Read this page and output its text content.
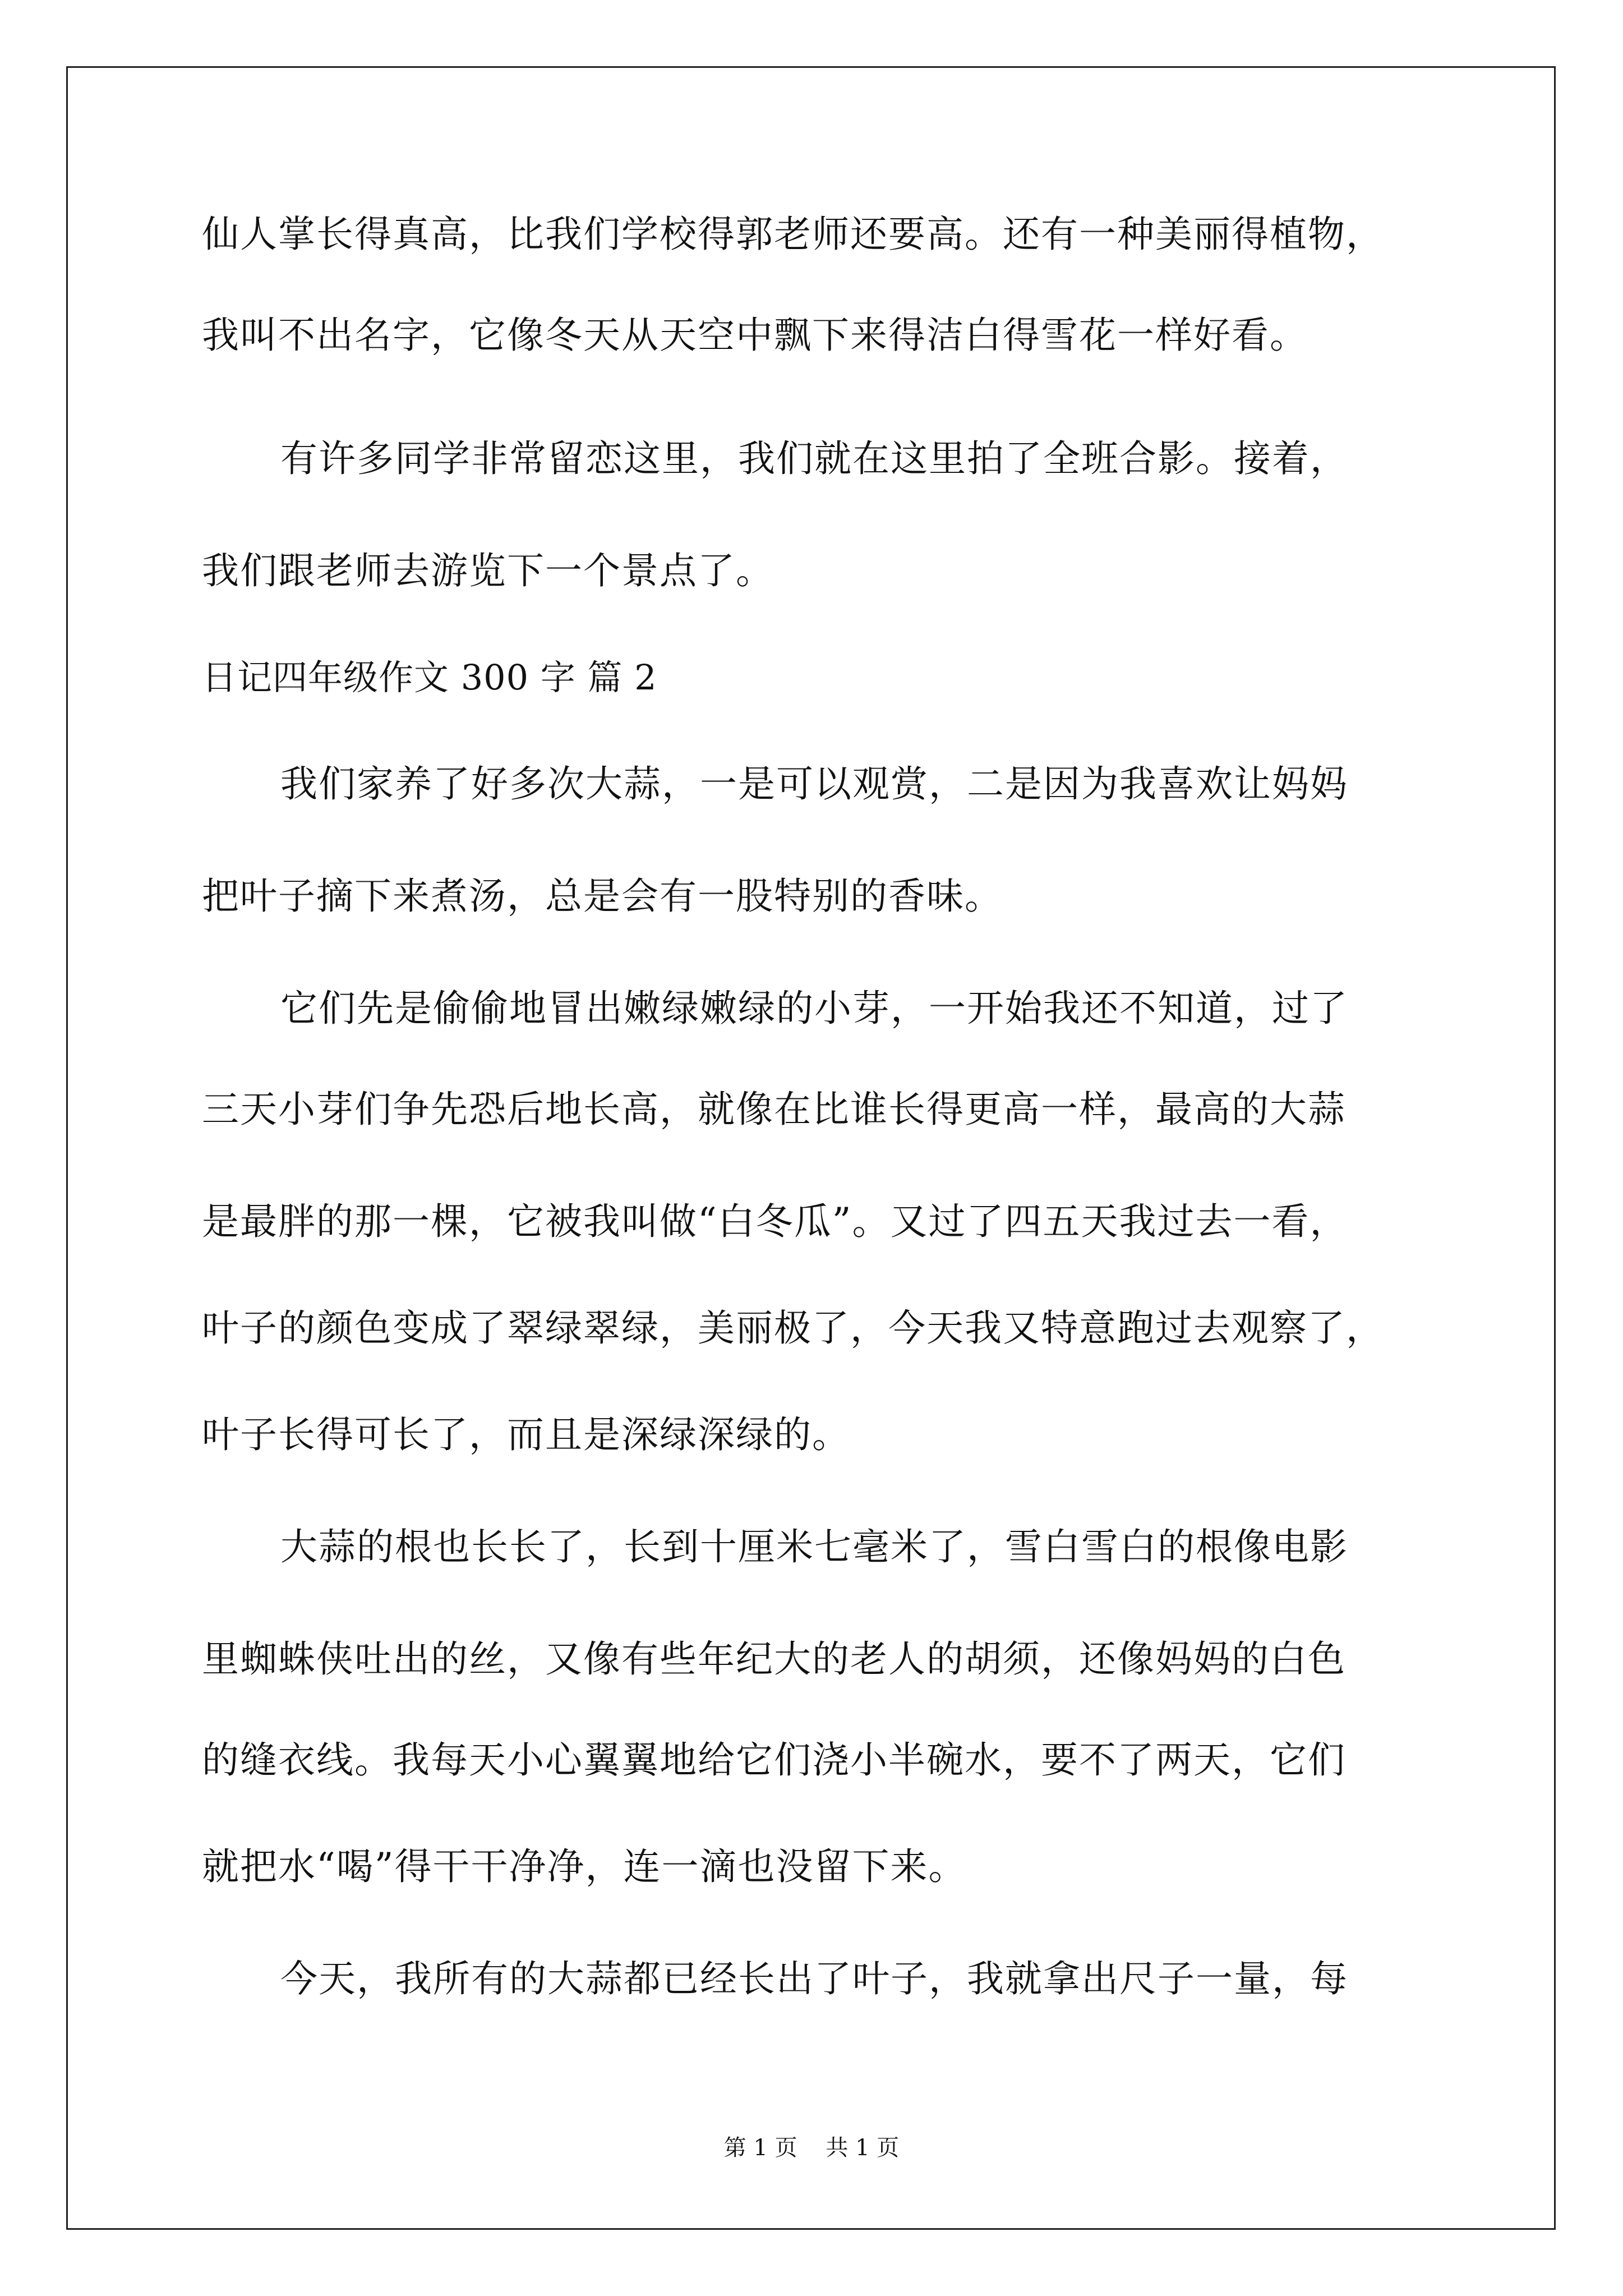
仙人掌长得真高，比我们学校得郭老师还要高。还有一种美丽得植物，
我叫不出名字，它像冬天从天空中飘下来得洁白得雪花一样好看。
有许多同学非常留恋这里，我们就在这里拍了全班合影。接着，
我们跟老师去游览下一个景点了。
日记四年级作文 300 字 篇 2
我们家养了好多次大蒜，一是可以观赏，二是因为我喜欢让妈妈
把叶子摘下来煮汤，总是会有一股特别的香味。
它们先是偷偷地冒出嫩绿嫩绿的小芽，一开始我还不知道，过了
三天小芽们争先恐后地长高，就像在比谁长得更高一样，最高的大蒜
是最胖的那一棵，它被我叫做“白冬瓜”。又过了四五天我过去一看，
叶子的颜色变成了翠绿翠绿，美丽极了，今天我又特意跑过去观察了，
叶子长得可长了，而且是深绿深绿的。
大蒜的根也长长了，长到十厘米七毫米了，雪白雪白的根像电影
里蜘蛛侠吐出的丝，又像有些年纪大的老人的胡须，还像妈妈的白色
的缝衣线。我每天小心翼翼地给它们浇小半碗水，要不了两天，它们
就把水“喝”得干干净净，连一滴也没留下来。
今天，我所有的大蒜都已经长出了叶子，我就拿出尺子一量，每
第 1 页    共 1 页
